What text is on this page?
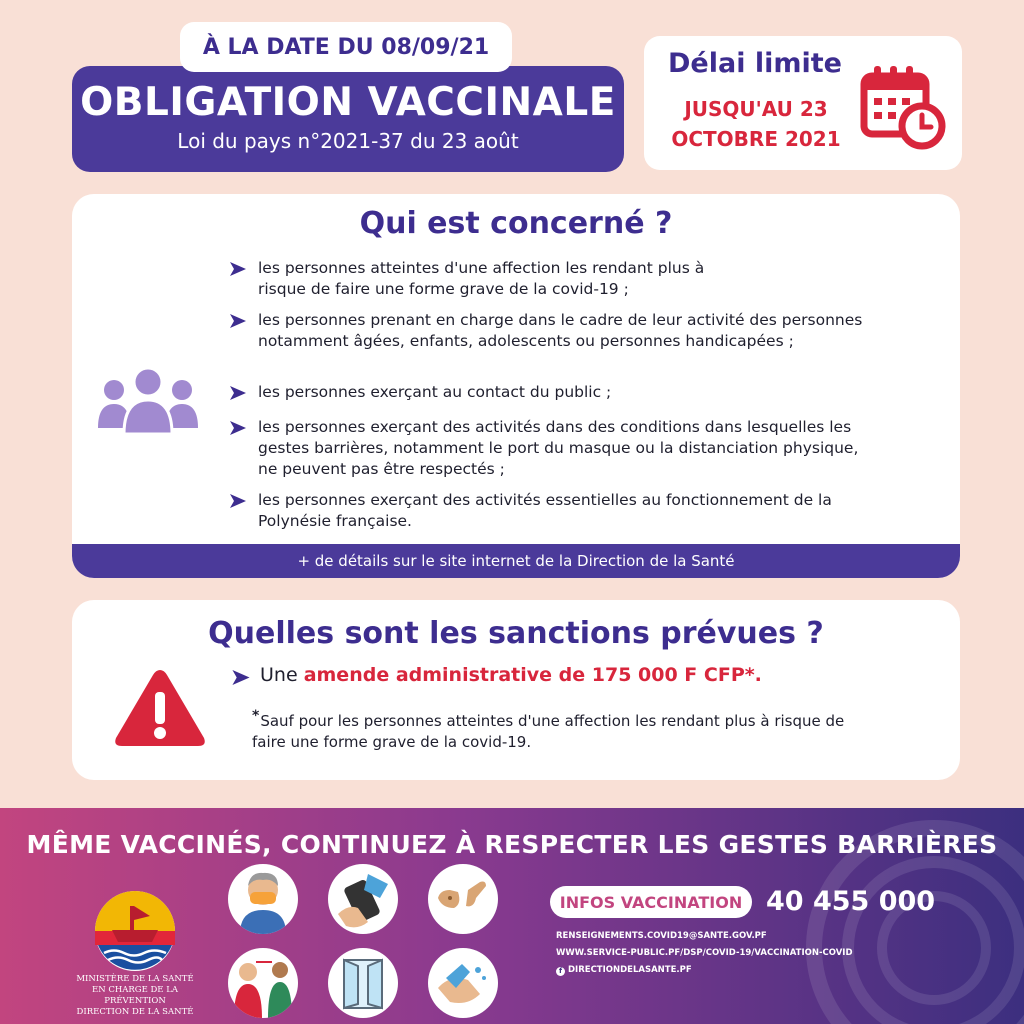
À LA DATE DU 08/09/21
OBLIGATION VACCINALE
Loi du pays n°2021-37 du 23 août
Délai limite
JUSQU'AU 23
OCTOBRE 2021
Qui est concerné ?
les personnes atteintes d'une affection les rendant plus à
risque de faire une forme grave de la covid-19 ;
les personnes prenant en charge dans le cadre de leur activité des personnes
notamment âgées, enfants, adolescents ou personnes handicapées ;
les personnes exerçant au contact du public ;
les personnes exerçant des activités dans des conditions dans lesquelles les
gestes barrières, notamment le port du masque ou la distanciation physique,
ne peuvent pas être respectés ;
les personnes exerçant des activités essentielles au fonctionnement de la
Polynésie française.
+ de détails sur le site internet de la Direction de la Santé
Quelles sont les sanctions prévues ?
Une amende administrative de 175 000 F CFP*.
*Sauf pour les personnes atteintes d'une affection les rendant plus à risque de
faire une forme grave de la covid-19.
MÊME VACCINÉS, CONTINUEZ À RESPECTER LES GESTES BARRIÈRES
MINISTÈRE DE LA SANTÉ
EN CHARGE DE LA PRÉVENTION
DIRECTION DE LA SANTÉ
INFOS VACCINATION 40 455 000
RENSEIGNEMENTS.COVID19@SANTE.GOV.PF
WWW.SERVICE-PUBLIC.PF/DSP/COVID-19/VACCINATION-COVID
f DIRECTIONDELASANTE.PF
